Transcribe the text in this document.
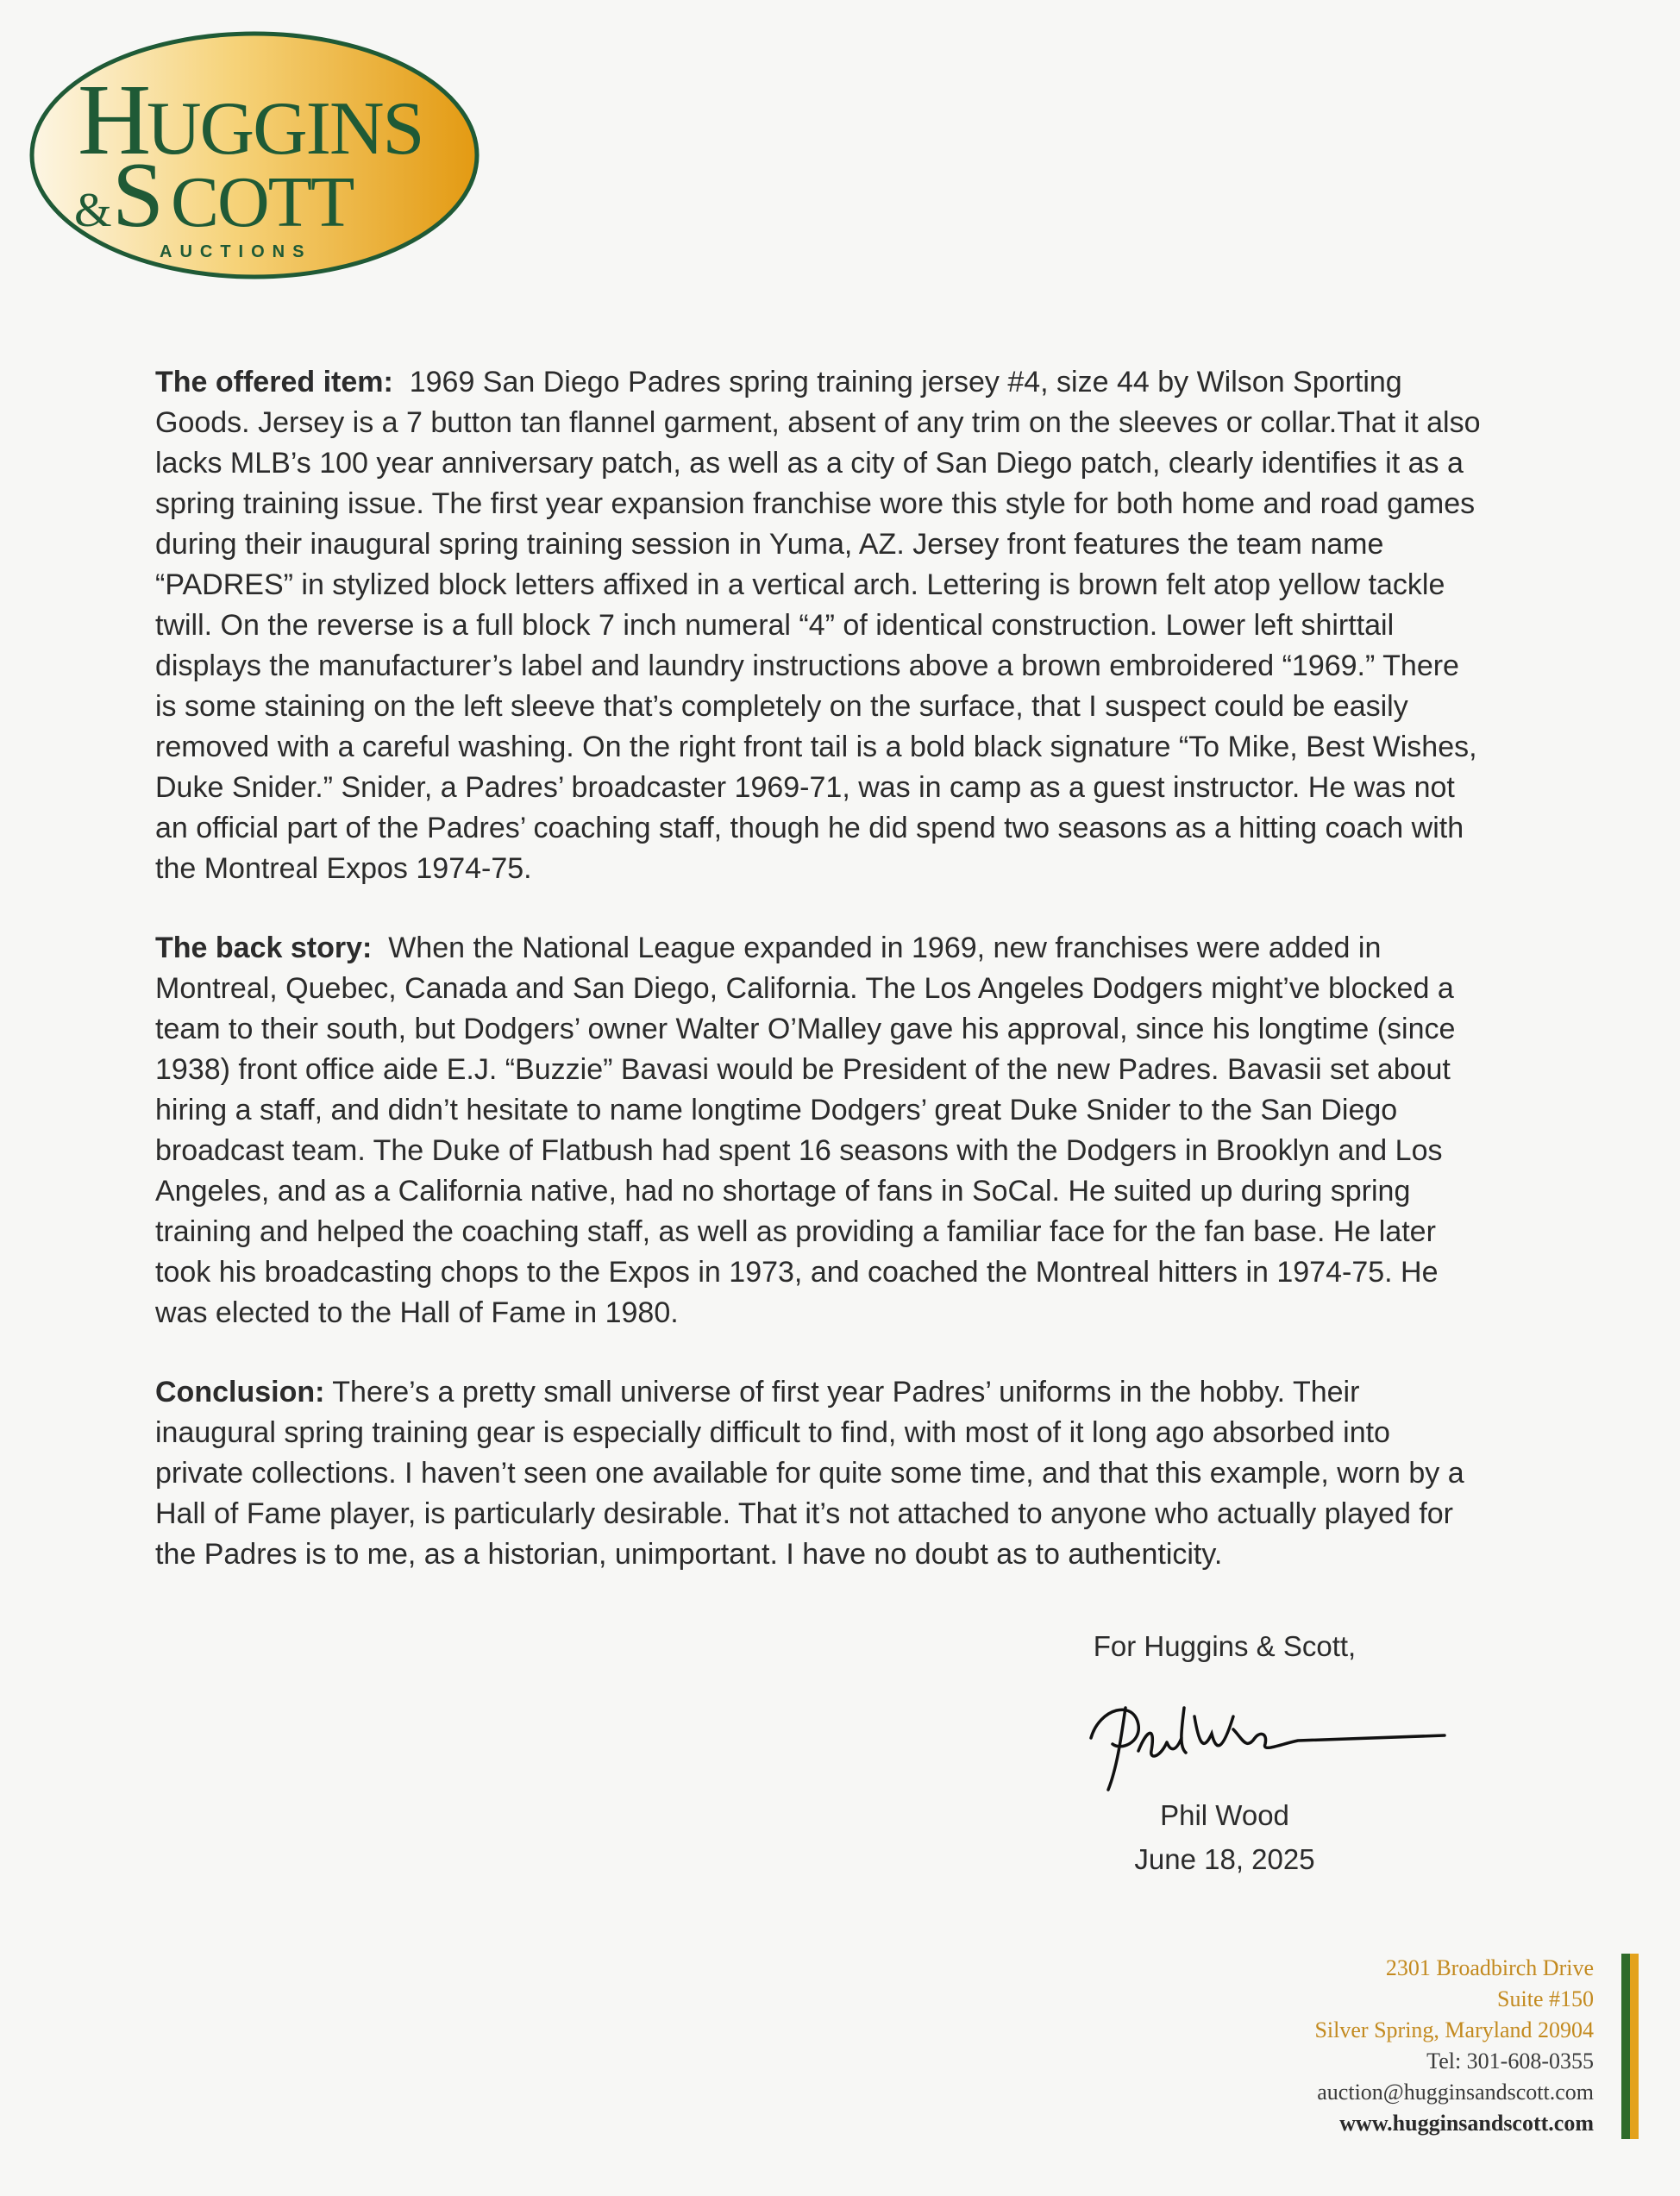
H
UGGINS
& S COTT
AUCTIONS

The offered item: 1969 San Diego Padres spring training jersey #4, size 44 by Wilson Sporting Goods. Jersey is a 7 button tan flannel garment, absent of any trim on the sleeves or collar.That it also lacks MLB’s 100 year anniversary patch, as well as a city of San Diego patch, clearly identifies it as a spring training issue. The first year expansion franchise wore this style for both home and road games during their inaugural spring training session in Yuma, AZ. Jersey front features the team name “PADRES” in stylized block letters affixed in a vertical arch. Lettering is brown felt atop yellow tackle twill. On the reverse is a full block 7 inch numeral “4” of identical construction. Lower left shirttail displays the manufacturer’s label and laundry instructions above a brown embroidered “1969.” There is some staining on the left sleeve that’s completely on the surface, that I suspect could be easily removed with a careful washing. On the right front tail is a bold black signature “To Mike, Best Wishes, Duke Snider.” Snider, a Padres’ broadcaster 1969-71, was in camp as a guest instructor. He was not an official part of the Padres’ coaching staff, though he did spend two seasons as a hitting coach with the Montreal Expos 1974-75.

The back story: When the National League expanded in 1969, new franchises were added in Montreal, Quebec, Canada and San Diego, California. The Los Angeles Dodgers might’ve blocked a team to their south, but Dodgers’ owner Walter O’Malley gave his approval, since his longtime (since 1938) front office aide E.J. “Buzzie” Bavasi would be President of the new Padres. Bavasii set about hiring a staff, and didn’t hesitate to name longtime Dodgers’ great Duke Snider to the San Diego broadcast team. The Duke of Flatbush had spent 16 seasons with the Dodgers in Brooklyn and Los Angeles, and as a California native, had no shortage of fans in SoCal. He suited up during spring training and helped the coaching staff, as well as providing a familiar face for the fan base. He later took his broadcasting chops to the Expos in 1973, and coached the Montreal hitters in 1974-75. He was elected to the Hall of Fame in 1980.

Conclusion: There’s a pretty small universe of first year Padres’ uniforms in the hobby. Their inaugural spring training gear is especially difficult to find, with most of it long ago absorbed into private collections. I haven’t seen one available for quite some time, and that this example, worn by a Hall of Fame player, is particularly desirable. That it’s not attached to anyone who actually played for the Padres is to me, as a historian, unimportant. I have no doubt as to authenticity.

For Huggins & Scott,
Phil Wood
June 18, 2025
2301 Broadbirch Drive
Suite #150
Silver Spring, Maryland 20904
Tel: 301-608-0355
auction@hugginsandscott.com
www.hugginsandscott.com
